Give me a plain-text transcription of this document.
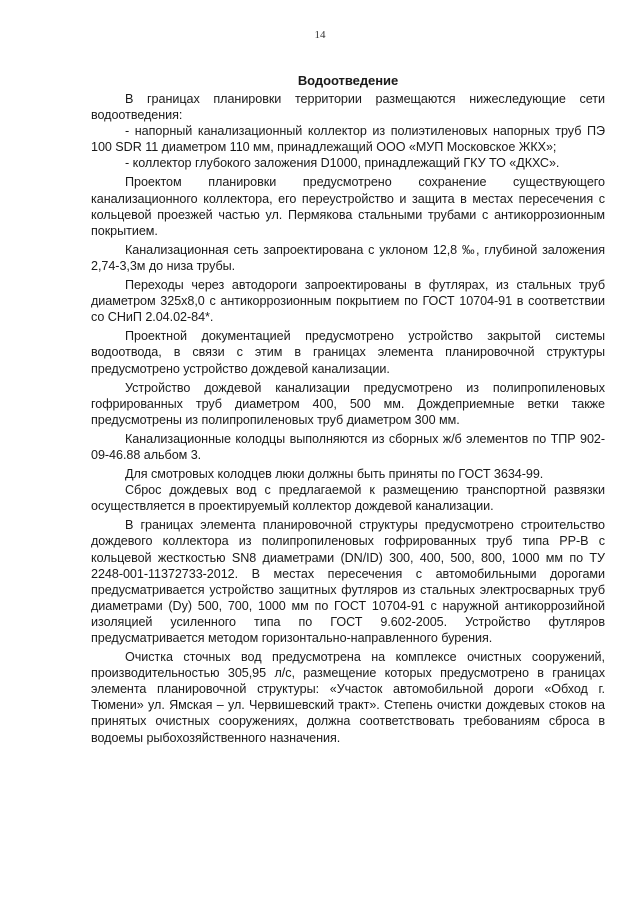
14
Водоотведение

В границах планировки территории размещаются нижеследующие сети водоотведения:

- напорный канализационный коллектор из полиэтиленовых напорных труб ПЭ 100 SDR 11 диаметром 110 мм, принадлежащий ООО «МУП Московское ЖКХ»;

- коллектор глубокого заложения D1000, принадлежащий ГКУ ТО «ДКХС».

Проектом планировки предусмотрено сохранение существующего канализационного коллектора, его переустройство и защита в местах пересечения с кольцевой проезжей частью ул. Пермякова стальными трубами с антикоррозионным покрытием.

Канализационная сеть запроектирована с уклоном 12,8 ‰, глубиной заложения 2,74-3,3м до низа трубы.

Переходы через автодороги запроектированы в футлярах, из стальных труб диаметром 325х8,0 с антикоррозионным покрытием по ГОСТ 10704-91 в соответствии со СНиП 2.04.02-84*.

Проектной документацией предусмотрено устройство закрытой системы водоотвода, в связи с этим в границах элемента планировочной структуры предусмотрено устройство дождевой канализации.

Устройство дождевой канализации предусмотрено из полипропиленовых гофрированных труб диаметром 400, 500 мм. Дождеприемные ветки также предусмотрены из полипропиленовых труб диаметром 300 мм.

Канализационные колодцы выполняются из сборных ж/б элементов по ТПР 902-09-46.88 альбом 3.

Для смотровых колодцев люки должны быть приняты по ГОСТ 3634-99.

Сброс дождевых вод с предлагаемой к размещению транспортной развязки осуществляется в проектируемый коллектор дождевой канализации.

В границах элемента планировочной структуры предусмотрено строительство дождевого коллектора из полипропиленовых гофрированных труб типа PP-B с кольцевой жесткостью SN8 диаметрами (DN/ID) 300, 400, 500, 800, 1000 мм по ТУ 2248-001-11372733-2012. В местах пересечения с автомобильными дорогами предусматривается устройство защитных футляров из стальных электросварных труб диаметрами (Dy) 500, 700, 1000 мм по ГОСТ 10704-91 с наружной антикоррозийной изоляцией усиленного типа по ГОСТ 9.602-2005. Устройство футляров предусматривается методом горизонтально-направленного бурения.

Очистка сточных вод предусмотрена на комплексе очистных сооружений, производительностью 305,95 л/с, размещение которых предусмотрено в границах элемента планировочной структуры: «Участок автомобильной дороги «Обход г. Тюмени» ул. Ямская – ул. Червишевский тракт». Степень очистки дождевых стоков на принятых очистных сооружениях, должна соответствовать требованиям сброса в водоемы рыбохозяйственного назначения.
